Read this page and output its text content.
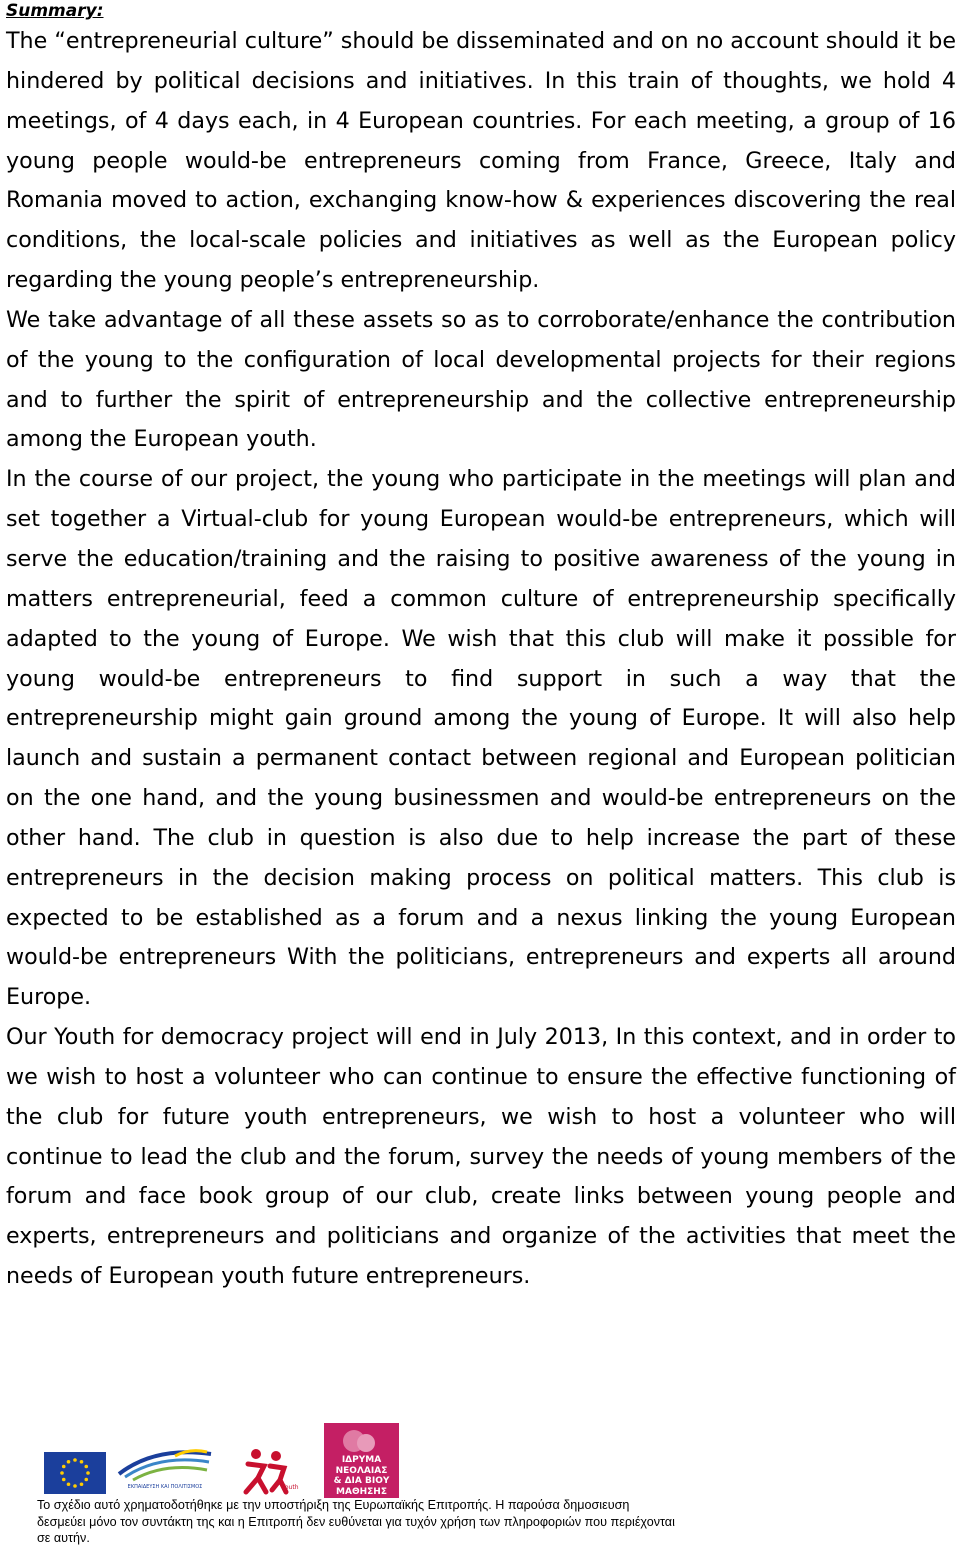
Summary:

The “entrepreneurial culture” should be disseminated and on no account should it be hindered by political decisions and initiatives. In this train of thoughts, we hold 4 meetings, of 4 days each, in 4 European countries. For each meeting, a group of 16 young people would-be entrepreneurs coming from France, Greece, Italy and Romania moved to action, exchanging know-how & experiences discovering the real conditions, the local-scale policies and initiatives as well as the European policy regarding the young people’s entrepreneurship.

We take advantage of all these assets so as to corroborate/enhance the contribution of the young to the configuration of local developmental projects for their regions and to further the spirit of entrepreneurship and the collective entrepreneurship among the European youth.

In the course of our project, the young who participate in the meetings will plan and set together a Virtual-club for young European would-be entrepreneurs, which will serve the education/training and the raising to positive awareness of the young in matters entrepreneurial, feed a common culture of entrepreneurship specifically adapted to the young of Europe. We wish that this club will make it possible for young would-be entrepreneurs to find support in such a way that the entrepreneurship might gain ground among the young of Europe. It will also help launch and sustain a permanent contact between regional and European politician on the one hand, and the young businessmen and would-be entrepreneurs on the other hand. The club in question is also due to help increase the part of these entrepreneurs in the decision making process on political matters. This club is expected to be established as a forum and a nexus linking the young European would-be entrepreneurs With the politicians, entrepreneurs and experts all around Europe.

Our Youth for democracy project will end in July 2013, In this context, and in order to we wish to host a volunteer who can continue to ensure the effective functioning of the club for future youth entrepreneurs, we wish to host a volunteer who will continue to lead the club and the forum, survey the needs of young members of the forum and face book group of our club, create links between young people and experts, entrepreneurs and politicians and organize of the activities that meet the needs of European youth future entrepreneurs.

ΕΚΠΑΙΔΕΥΣΗ ΚΑΙ ΠΟΛΙΤΙΣΜΟΣ	Youth
ΙΔΡΥΜΑ
ΝΕΟΛΑΙΑΣ
& ΔΙΑ ΒΙΟΥ
ΜΑΘΗΣΗΣ
Το σχέδιο αυτό χρηματοδοτήθηκε με την υποστήριξη της Ευρωπαϊκής Επιτροπής. Η παρούσα δημοσιευση δεσμεύει μόνο τον συντάκτη της και η Επιτροπή δεν ευθύνεται για τυχόν χρήση των πληροφοριών που περιέχονται σε αυτήν.
